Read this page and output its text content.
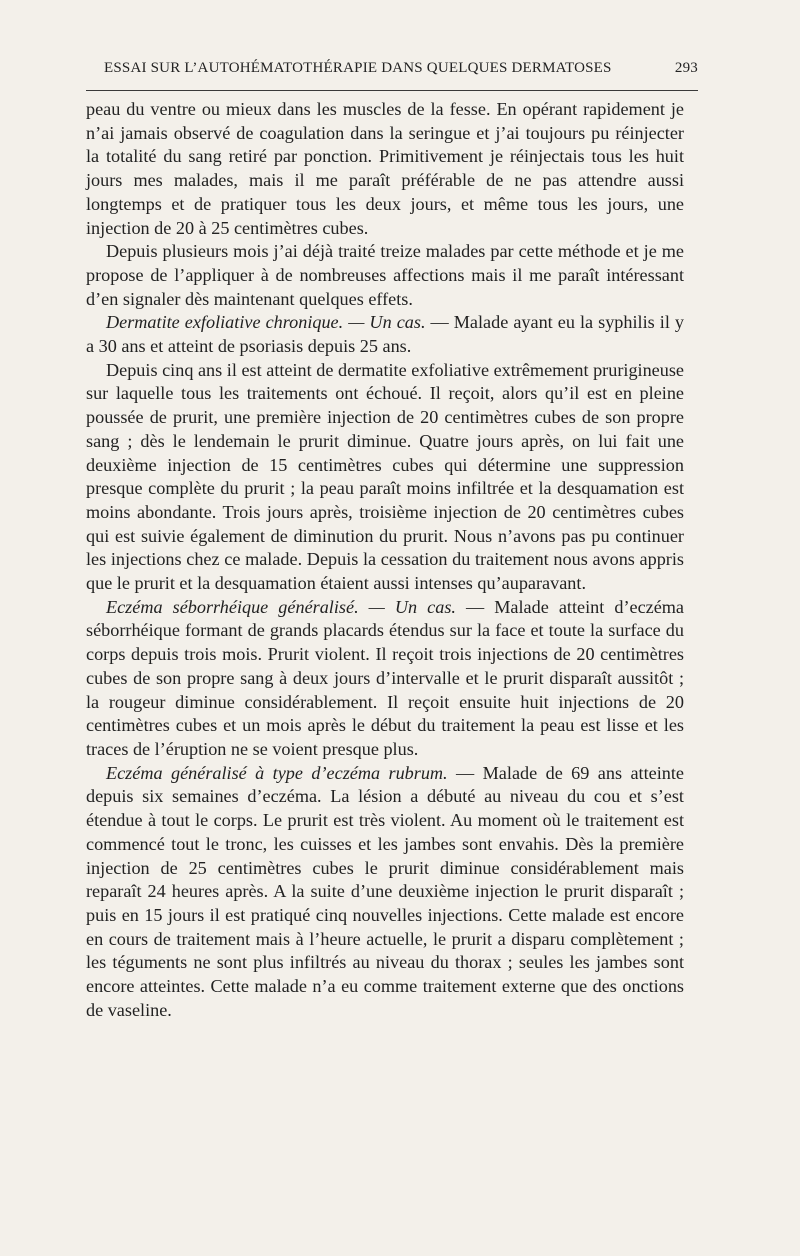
ESSAI SUR L’AUTOHÉMATOTHÉRAPIE DANS QUELQUES DERMATOSES	293

peau du ventre ou mieux dans les muscles de la fesse. En opérant rapidement je n’ai jamais observé de coagulation dans la seringue et j’ai toujours pu réinjecter la totalité du sang retiré par ponction. Primitivement je réinjectais tous les huit jours mes malades, mais il me paraît préférable de ne pas attendre aussi longtemps et de pratiquer tous les deux jours, et même tous les jours, une injection de 20 à 25 centimètres cubes.

Depuis plusieurs mois j’ai déjà traité treize malades par cette méthode et je me propose de l’appliquer à de nombreuses affections mais il me paraît intéressant d’en signaler dès maintenant quelques effets.

Dermatite exfoliative chronique. — Un cas. — Malade ayant eu la syphilis il y a 30 ans et atteint de psoriasis depuis 25 ans.

Depuis cinq ans il est atteint de dermatite exfoliative extrêmement prurigineuse sur laquelle tous les traitements ont échoué. Il reçoit, alors qu’il est en pleine poussée de prurit, une première injection de 20 centimètres cubes de son propre sang ; dès le lendemain le prurit diminue. Quatre jours après, on lui fait une deuxième injection de 15 centimètres cubes qui détermine une suppression presque complète du prurit ; la peau paraît moins infiltrée et la desquamation est moins abondante. Trois jours après, troisième injection de 20 centimètres cubes qui est suivie également de diminution du prurit. Nous n’avons pas pu continuer les injections chez ce malade. Depuis la cessation du traitement nous avons appris que le prurit et la desquamation étaient aussi intenses qu’auparavant.

Eczéma séborrhéique généralisé. — Un cas. — Malade atteint d’eczéma séborrhéique formant de grands placards étendus sur la face et toute la surface du corps depuis trois mois. Prurit violent. Il reçoit trois injections de 20 centimètres cubes de son propre sang à deux jours d’intervalle et le prurit disparaît aussitôt ; la rougeur diminue considérablement. Il reçoit ensuite huit injections de 20 centimètres cubes et un mois après le début du traitement la peau est lisse et les traces de l’éruption ne se voient presque plus.

Eczéma généralisé à type d’eczéma rubrum. — Malade de 69 ans atteinte depuis six semaines d’eczéma. La lésion a débuté au niveau du cou et s’est étendue à tout le corps. Le prurit est très violent. Au moment où le traitement est commencé tout le tronc, les cuisses et les jambes sont envahis. Dès la première injection de 25 centimètres cubes le prurit diminue considérablement mais reparaît 24 heures après. A la suite d’une deuxième injection le prurit disparaît ; puis en 15 jours il est pratiqué cinq nouvelles injections. Cette malade est encore en cours de traitement mais à l’heure actuelle, le prurit a disparu complètement ; les téguments ne sont plus infiltrés au niveau du thorax ; seules les jambes sont encore atteintes. Cette malade n’a eu comme traitement externe que des onctions de vaseline.
